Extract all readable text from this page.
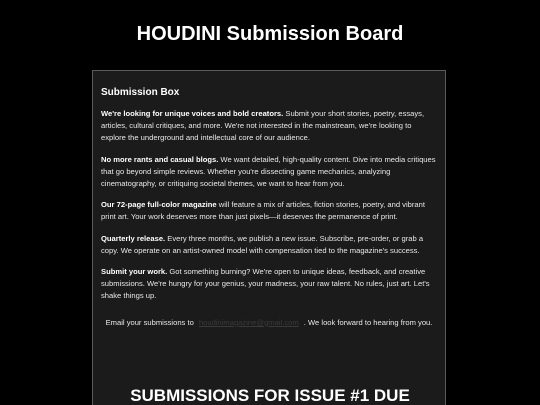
HOUDINI Submission Board
Submission Box

We're looking for unique voices and bold creators. Submit your short stories, poetry, essays, articles, cultural critiques, and more. We're not interested in the mainstream, we're looking to explore the underground and intellectual core of our audience.

No more rants and casual blogs. We want detailed, high-quality content. Dive into media critiques that go beyond simple reviews. Whether you're dissecting game mechanics, analyzing cinematography, or critiquing societal themes, we want to hear from you.

Our 72-page full-color magazine will feature a mix of articles, fiction stories, poetry, and vibrant print art. Your work deserves more than just pixels—it deserves the permanence of print.

Quarterly release. Every three months, we publish a new issue. Subscribe, pre-order, or grab a copy. We operate on an artist-owned model with compensation tied to the magazine's success.

Submit your work. Got something burning? We're open to unique ideas, feedback, and creative submissions. We're hungry for your genius, your madness, your raw talent. No rules, just art. Let's shake things up.

Email your submissions to houdinimagazine@gmail.com . We look forward to hearing from you.

SUBMISSIONS FOR ISSUE #1 DUE
